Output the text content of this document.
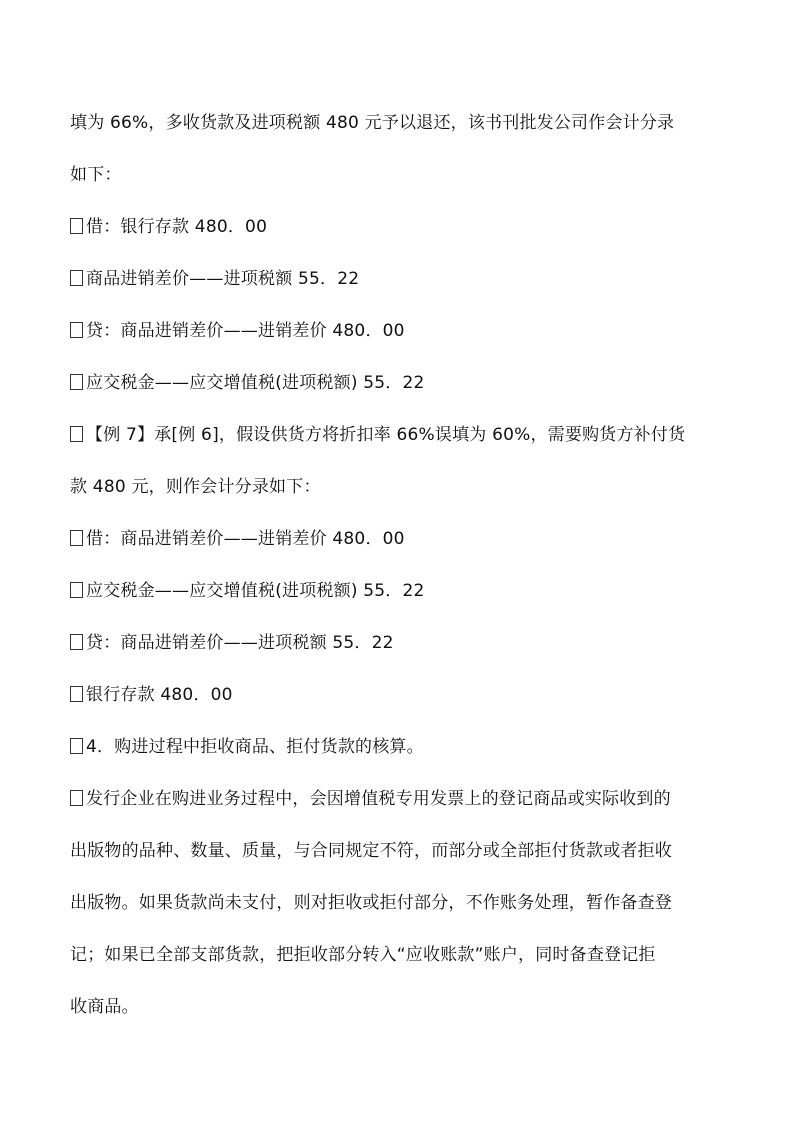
填为 66%，多收货款及进项税额 480 元予以退还，该书刊批发公司作会计分录
如下：
借：银行存款 480．00
商品进销差价——进项税额 55．22
贷：商品进销差价——进销差价 480．00
应交税金——应交增值税(进项税额) 55．22
【例 7】承[例 6]，假设供货方将折扣率 66%误填为 60%，需要购货方补付货
款 480 元，则作会计分录如下：
借：商品进销差价——进销差价 480．00
应交税金——应交增值税(进项税额) 55．22
贷：商品进销差价——进项税额 55．22
银行存款 480．00
4．购进过程中拒收商品、拒付货款的核算。
发行企业在购进业务过程中，会因增值税专用发票上的登记商品或实际收到的
出版物的品种、数量、质量，与合同规定不符，而部分或全部拒付货款或者拒收
出版物。如果货款尚未支付，则对拒收或拒付部分，不作账务处理，暂作备查登
记；如果已全部支部货款，把拒收部分转入“应收账款”账户，同时备查登记拒
收商品。
